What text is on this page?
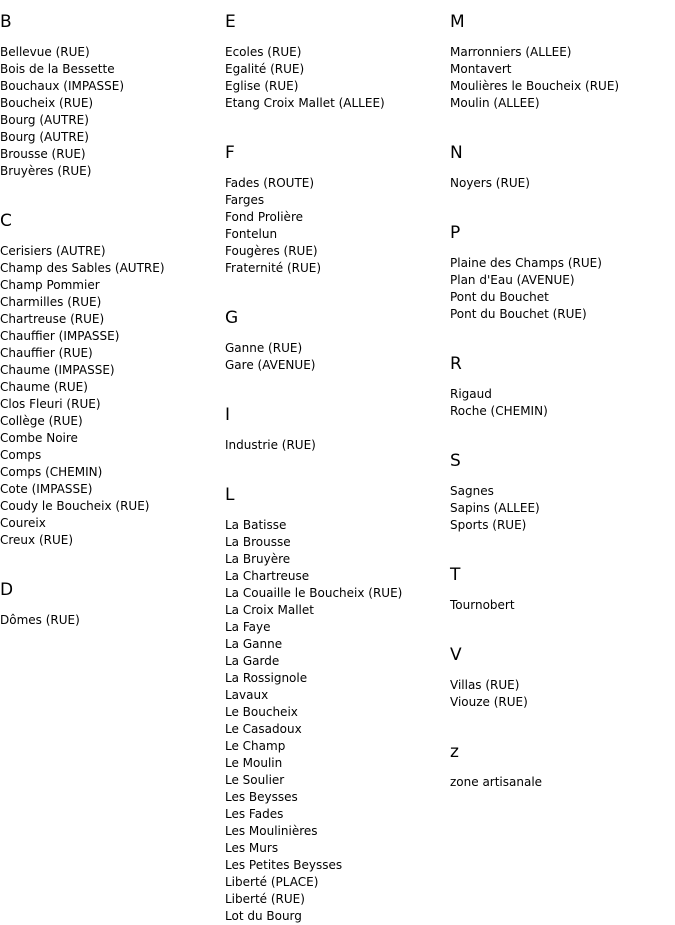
B
Bellevue (RUE)
Bois de la Bessette
Bouchaux (IMPASSE)
Boucheix (RUE)
Bourg (AUTRE)
Bourg (AUTRE)
Brousse (RUE)
Bruyères (RUE)
C
Cerisiers (AUTRE)
Champ des Sables (AUTRE)
Champ Pommier
Charmilles (RUE)
Chartreuse (RUE)
Chauffier (IMPASSE)
Chauffier (RUE)
Chaume (IMPASSE)
Chaume (RUE)
Clos Fleuri (RUE)
Collège (RUE)
Combe Noire
Comps
Comps (CHEMIN)
Cote (IMPASSE)
Coudy le Boucheix (RUE)
Coureix
Creux (RUE)
D
Dômes (RUE)
E
Ecoles (RUE)
Egalité (RUE)
Eglise (RUE)
Etang Croix Mallet (ALLEE)
F
Fades (ROUTE)
Farges
Fond Prolière
Fontelun
Fougères (RUE)
Fraternité (RUE)
G
Ganne (RUE)
Gare (AVENUE)
I
Industrie (RUE)
L
La Batisse
La Brousse
La Bruyère
La Chartreuse
La Couaille le Boucheix (RUE)
La Croix Mallet
La Faye
La Ganne
La Garde
La Rossignole
Lavaux
Le Boucheix
Le Casadoux
Le Champ
Le Moulin
Le Soulier
Les Beysses
Les Fades
Les Moulinières
Les Murs
Les Petites Beysses
Liberté (PLACE)
Liberté (RUE)
Lot du Bourg
M
Marronniers (ALLEE)
Montavert
Moulières le Boucheix (RUE)
Moulin (ALLEE)
N
Noyers (RUE)
P
Plaine des Champs (RUE)
Plan d'Eau (AVENUE)
Pont du Bouchet
Pont du Bouchet (RUE)
R
Rigaud
Roche (CHEMIN)
S
Sagnes
Sapins (ALLEE)
Sports (RUE)
T
Tournobert
V
Villas (RUE)
Viouze (RUE)
z
zone artisanale
